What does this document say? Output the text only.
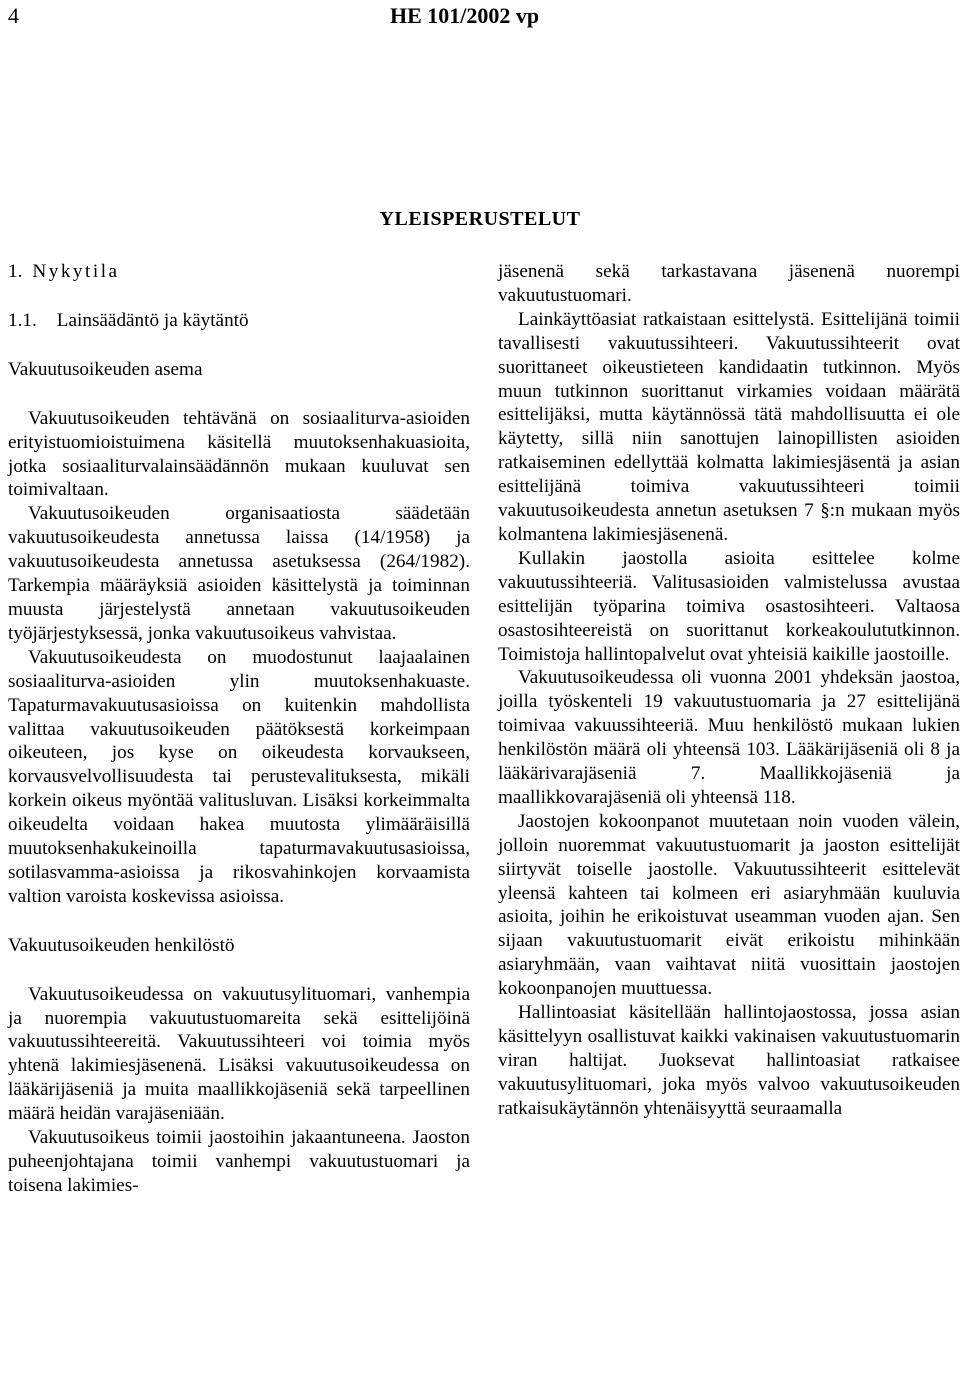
4	HE 101/2002 vp
YLEISPERUSTELUT
1. Nykytila
1.1. Lainsäädäntö ja käytäntö
Vakuutusoikeuden asema

Vakuutusoikeuden tehtävänä on sosiaaliturva-asioiden erityistuomioistuimena käsitellä muutoksenhakuasioita, jotka sosiaaliturvalainsäädännön mukaan kuuluvat sen toimivaltaan.

Vakuutusoikeuden organisaatiosta säädetään vakuutusoikeudesta annetussa laissa (14/1958) ja vakuutusoikeudesta annetussa asetuksessa (264/1982). Tarkempia määräyksiä asioiden käsittelystä ja toiminnan muusta järjestelystä annetaan vakuutusoikeuden työjärjestyksessä, jonka vakuutusoikeus vahvistaa.

Vakuutusoikeudesta on muodostunut laajaalainen sosiaaliturva-asioiden ylin muutoksenhakuaste. Tapaturmavakuutusasioissa on kuitenkin mahdollista valittaa vakuutusoikeuden päätöksestä korkeimpaan oikeuteen, jos kyse on oikeudesta korvaukseen, korvausvelvollisuudesta tai perustevalituksesta, mikäli korkein oikeus myöntää valitusluvan. Lisäksi korkeimmalta oikeudelta voidaan hakea muutosta ylimääräisillä muutoksenhakukeinoilla tapaturmavakuutusasioissa, sotilasvamma-asioissa ja rikosvahinkojen korvaamista valtion varoista koskevissa asioissa.

Vakuutusoikeuden henkilöstö

Vakuutusoikeudessa on vakuutusylituomari, vanhempia ja nuorempia vakuutustuomareita sekä esittelijöinä vakuutussihteereitä. Vakuutussihteeri voi toimia myös yhtenä lakimiesjäsenenä. Lisäksi vakuutusoikeudessa on lääkärijäseniä ja muita maallikkojäseniä sekä tarpeellinen määrä heidän varajäseniään.

Vakuutusoikeus toimii jaostoihin jakaantuneena. Jaoston puheenjohtajana toimii vanhempi vakuutustuomari ja toisena lakimies-

jäsenenä sekä tarkastavana jäsenenä nuorempi vakuutustuomari.

Lainkäyttöasiat ratkaistaan esittelystä. Esittelijänä toimii tavallisesti vakuutussihteeri. Vakuutussihteerit ovat suorittaneet oikeustieteen kandidaatin tutkinnon. Myös muun tutkinnon suorittanut virkamies voidaan määrätä esittelijäksi, mutta käytännössä tätä mahdollisuutta ei ole käytetty, sillä niin sanottujen lainopillisten asioiden ratkaiseminen edellyttää kolmatta lakimiesjäsentä ja asian esittelijänä toimiva vakuutussihteeri toimii vakuutusoikeudesta annetun asetuksen 7 §:n mukaan myös kolmantena lakimiesjäsenenä.

Kullakin jaostolla asioita esittelee kolme vakuutussihteeriä. Valitusasioiden valmistelussa avustaa esittelijän työparina toimiva osastosihteeri. Valtaosa osastosihteereistä on suorittanut korkeakoulututkinnon. Toimistoja hallintopalvelut ovat yhteisiä kaikille jaostoille.

Vakuutusoikeudessa oli vuonna 2001 yhdeksän jaostoa, joilla työskenteli 19 vakuutustuomaria ja 27 esittelijänä toimivaa vakuussihteeriä. Muu henkilöstö mukaan lukien henkilöstön määrä oli yhteensä 103. Lääkärijäseniä oli 8 ja lääkärivarajäseniä 7. Maallikkojäseniä ja maallikkovarajäseniä oli yhteensä 118.

Jaostojen kokoonpanot muutetaan noin vuoden välein, jolloin nuoremmat vakuutustuomarit ja jaoston esittelijät siirtyvät toiselle jaostolle. Vakuutussihteerit esittelevät yleensä kahteen tai kolmeen eri asiaryhmään kuuluvia asioita, joihin he erikoistuvat useamman vuoden ajan. Sen sijaan vakuutustuomarit eivät erikoistu mihinkään asiaryhmään, vaan vaihtavat niitä vuosittain jaostojen kokoonpanojen muuttuessa.

Hallintoasiat käsitellään hallintojaostossa, jossa asian käsittelyyn osallistuvat kaikki vakinaisen vakuutustuomarin viran haltijat. Juoksevat hallintoasiat ratkaisee vakuutusylituomari, joka myös valvoo vakuutusoikeuden ratkaisukäytännön yhtenäisyyttä seuraamalla
